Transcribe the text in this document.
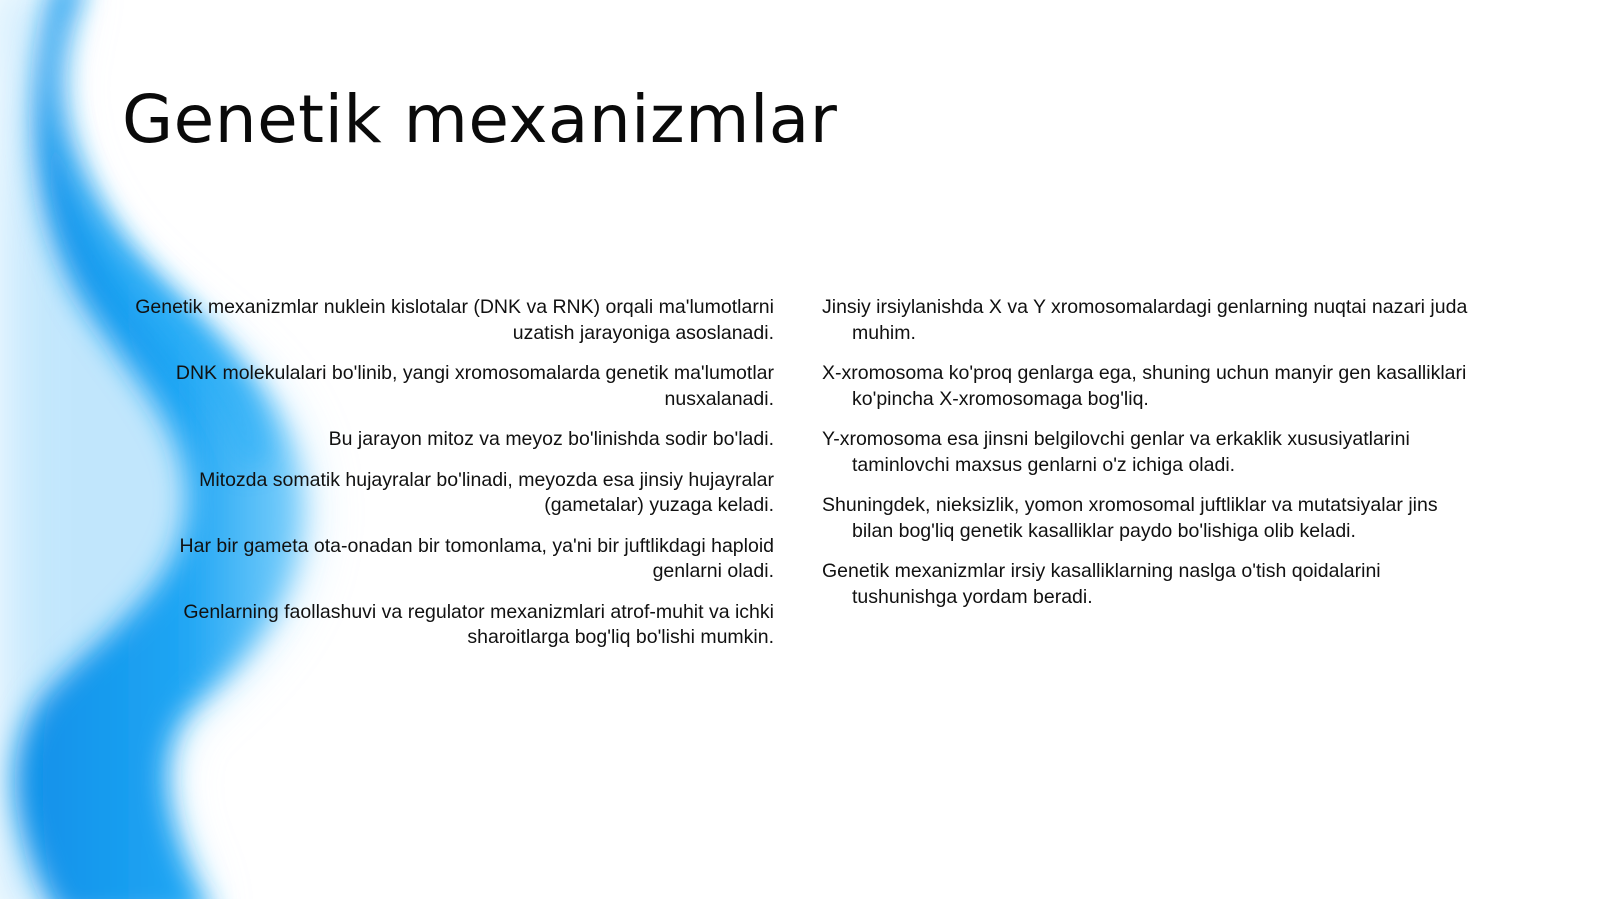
Genetik mexanizmlar
Genetik mexanizmlar nuklein kislotalar (DNK va RNK) orqali ma'lumotlarni uzatish jarayoniga asoslanadi.
DNK molekulalari bo'linib, yangi xromosomalarda genetik ma'lumotlar nusxalanadi.
Bu jarayon mitoz va meyoz bo'linishda sodir bo'ladi.
Mitozda somatik hujayralar bo'linadi, meyozda esa jinsiy hujayralar (gametalar) yuzaga keladi.
Har bir gameta ota-onadan bir tomonlama, ya'ni bir juftlikdagi haploid genlarni oladi.
Genlarning faollashuvi va regulator mexanizmlari atrof-muhit va ichki sharoitlarga bog'liq bo'lishi mumkin.
Jinsiy irsiylanishda X va Y xromosomalardagi genlarning nuqtai nazari juda muhim.
X-xromosoma ko'proq genlarga ega, shuning uchun manyir gen kasalliklari ko'pincha X-xromosomaga bog'liq.
Y-xromosoma esa jinsni belgilovchi genlar va erkaklik xususiyatlarini taminlovchi maxsus genlarni o'z ichiga oladi.
Shuningdek, nieksizlik, yomon xromosomal juftliklar va mutatsiyalar jins bilan bog'liq genetik kasalliklar paydo bo'lishiga olib keladi.
Genetik mexanizmlar irsiy kasalliklarning naslga o'tish qoidalarini tushunishga yordam beradi.
